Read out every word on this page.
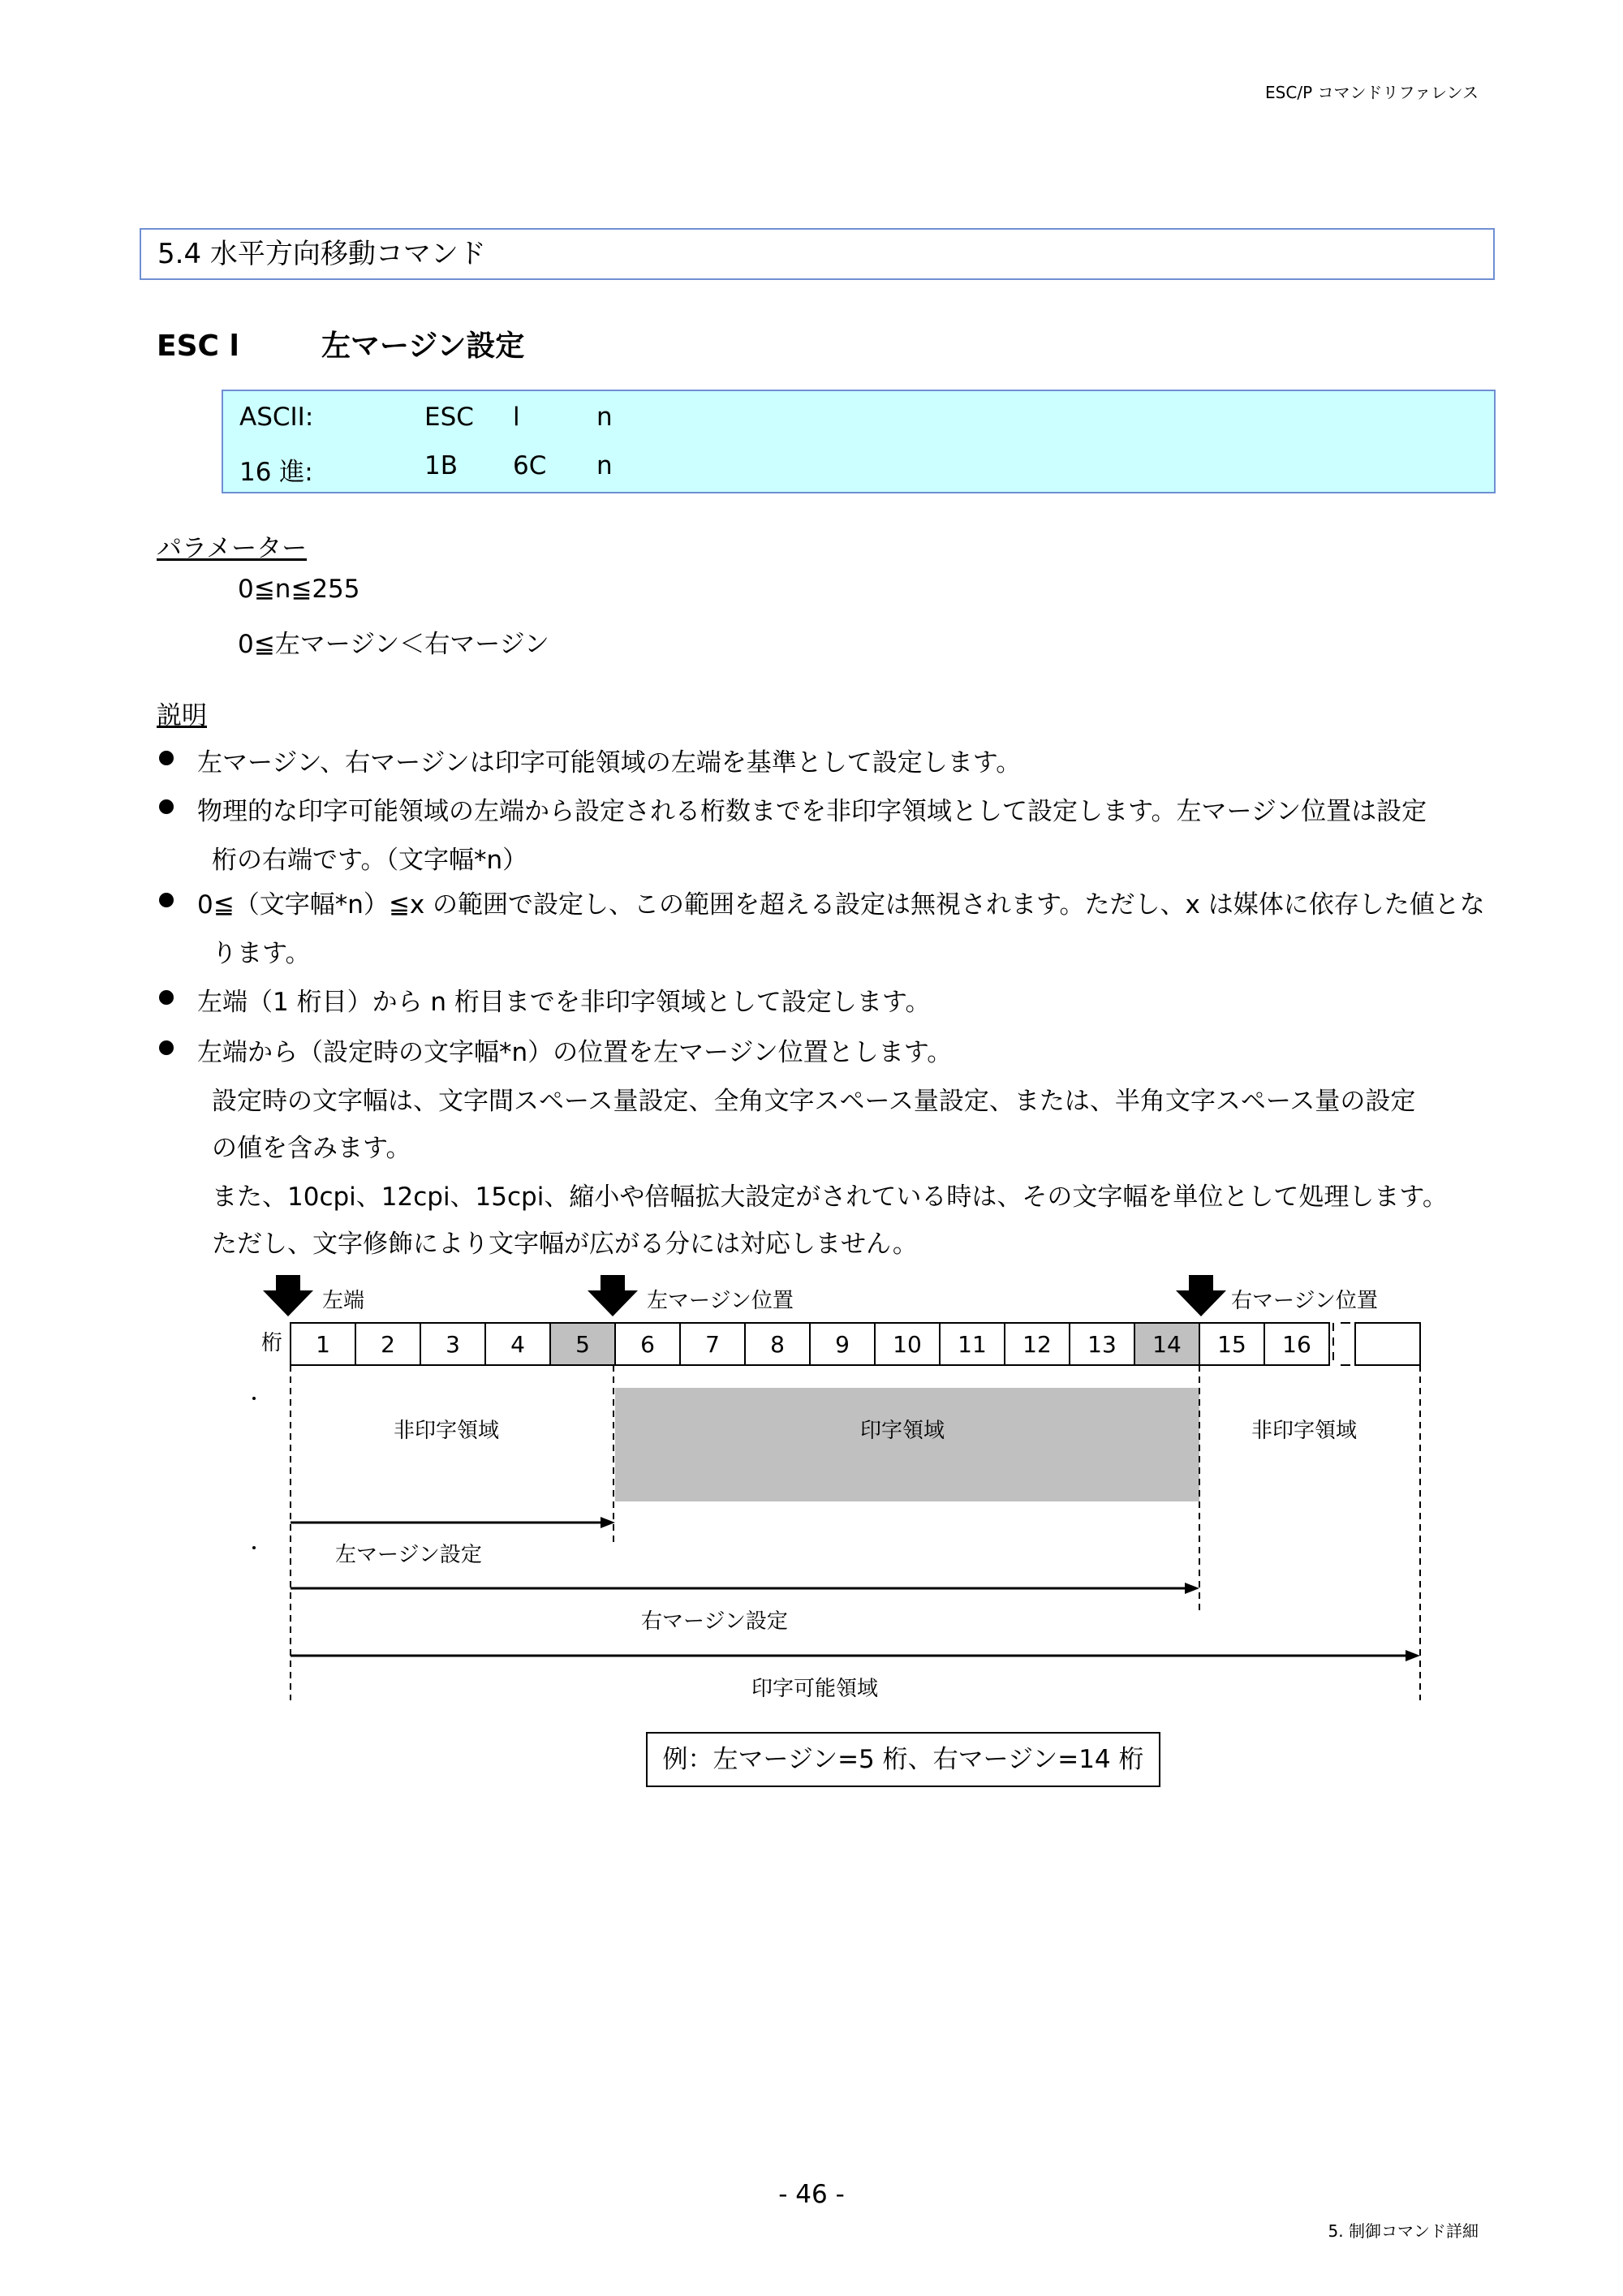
ESC/P コマンドリファレンス
5.4 水平方向移動コマンド
ESC l	左マージン設定
ASCII:	ESC l	n
16 進:	1B 6C n
パラメーター
0≦n≦255
0≦左マージン＜右マージン
説明
左マージン、右マージンは印字可能領域の左端を基準として設定します。
物理的な印字可能領域の左端から設定される桁数までを非印字領域として設定します。左マージン位置は設定
桁の右端です。（文字幅*n）
0≦（文字幅*n）≦x の範囲で設定し、この範囲を超える設定は無視されます。ただし、x は媒体に依存した値とな
ります。
左端（1 桁目）から n 桁目までを非印字領域として設定します。
左端から（設定時の文字幅*n）の位置を左マージン位置とします。
設定時の文字幅は、文字間スペース量設定、全角文字スペース量設定、または、半角文字スペース量の設定
の値を含みます。
また、10cpi、12cpi、15cpi、縮小や倍幅拡大設定がされている時は、その文字幅を単位として処理します。
ただし、文字修飾により文字幅が広がる分には対応しません。
左端	左マージン位置	右マージン位置
桁 1 2 3 4 5 6 7 8 9 10 11 12 13 14 15 16
非印字領域	印字領域	非印字領域
左マージン設定
右マージン設定
印字可能領域
例：左マージン=5 桁、右マージン=14 桁
- 46 -
5. 制御コマンド詳細
